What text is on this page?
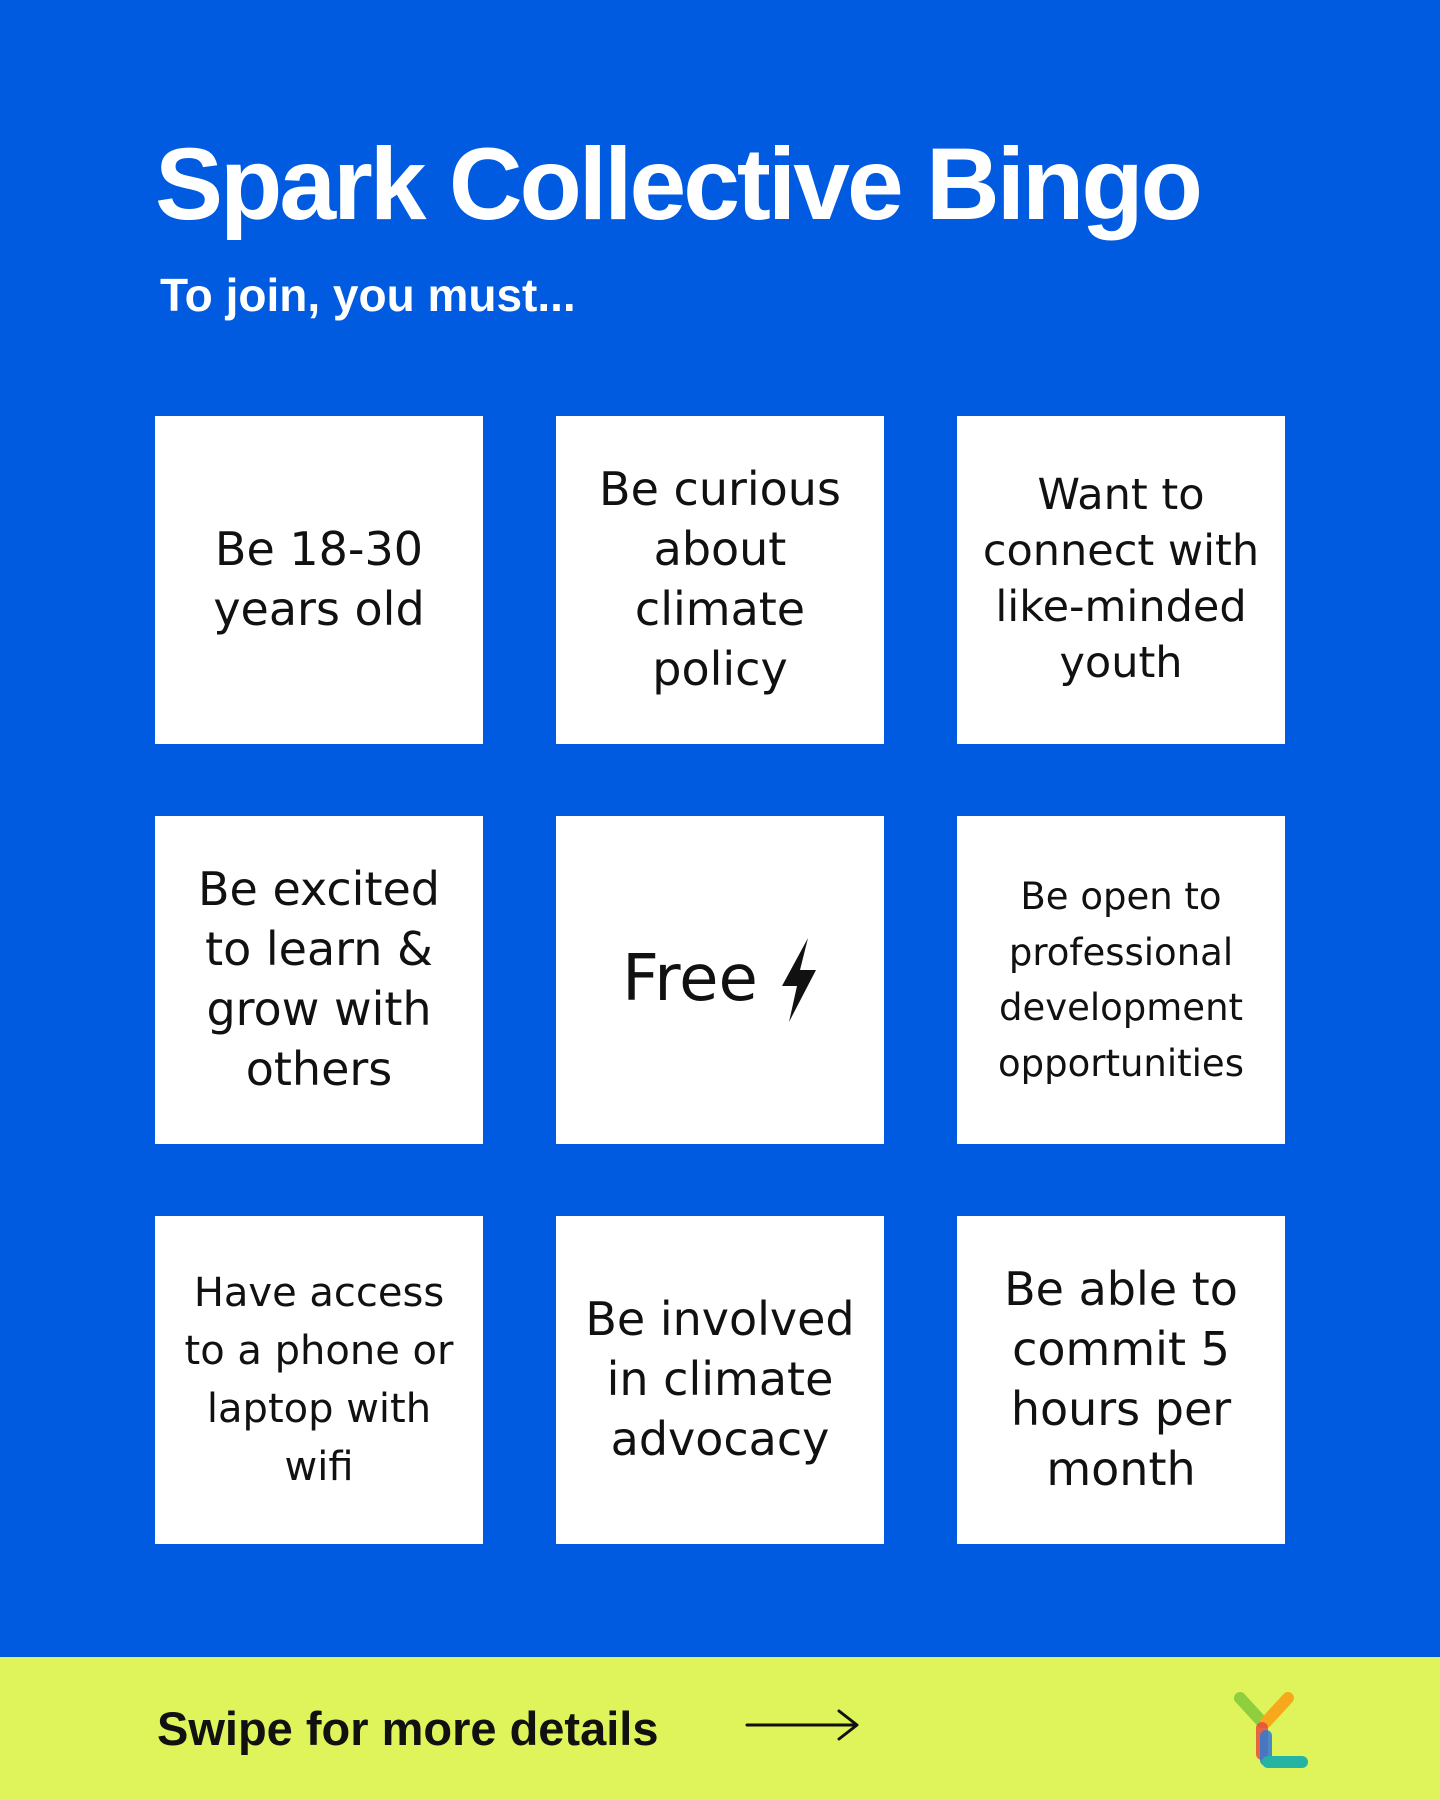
Spark Collective Bingo
To join, you must...
Be 18-30 years old
Be curious about climate policy
Want to connect with like-minded youth
Be excited to learn & grow with others
Free
Be open to professional development opportunities
Have access to a phone or laptop with wifi
Be involved in climate advocacy
Be able to commit 5 hours per month

Swipe for more details
